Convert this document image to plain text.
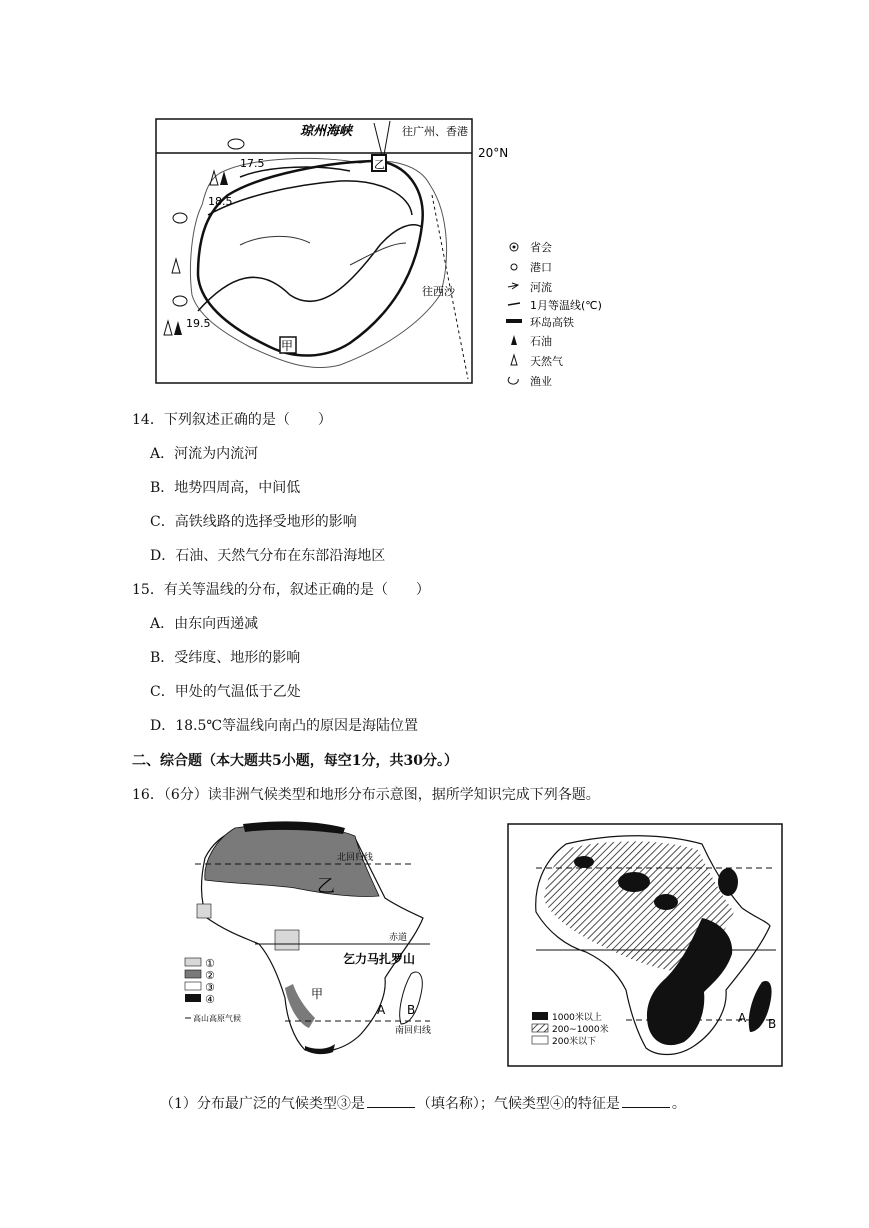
琼州海峡	往广州、香港
20°N
17.5
18.5
19.5
往西沙
乙
甲
省会
港口
河流
1月等温线(℃)
环岛高铁
石油
天然气
渔业
14．下列叙述正确的是（　　）
A．河流为内流河
B．地势四周高，中间低
C．高铁线路的选择受地形的影响
D．石油、天然气分布在东部沿海地区
15．有关等温线的分布，叙述正确的是（　　）
A．由东向西递减
B．受纬度、地形的影响
C．甲处的气温低于乙处
D．18.5℃等温线向南凸的原因是海陆位置
二、综合题（本大题共5小题，每空1分，共30分。）
16．（6分）读非洲气候类型和地形分布示意图，据所学知识完成下列各题。
北回归线
赤道
南回归线
乞力马扎罗山
甲
乙
A B
①
②
③
④
高山高原气候	A B
1000米以上
200~1000米
200米以下
（1）分布最广泛的气候类型③是	（填名称）；气候类型④的特征是	。
